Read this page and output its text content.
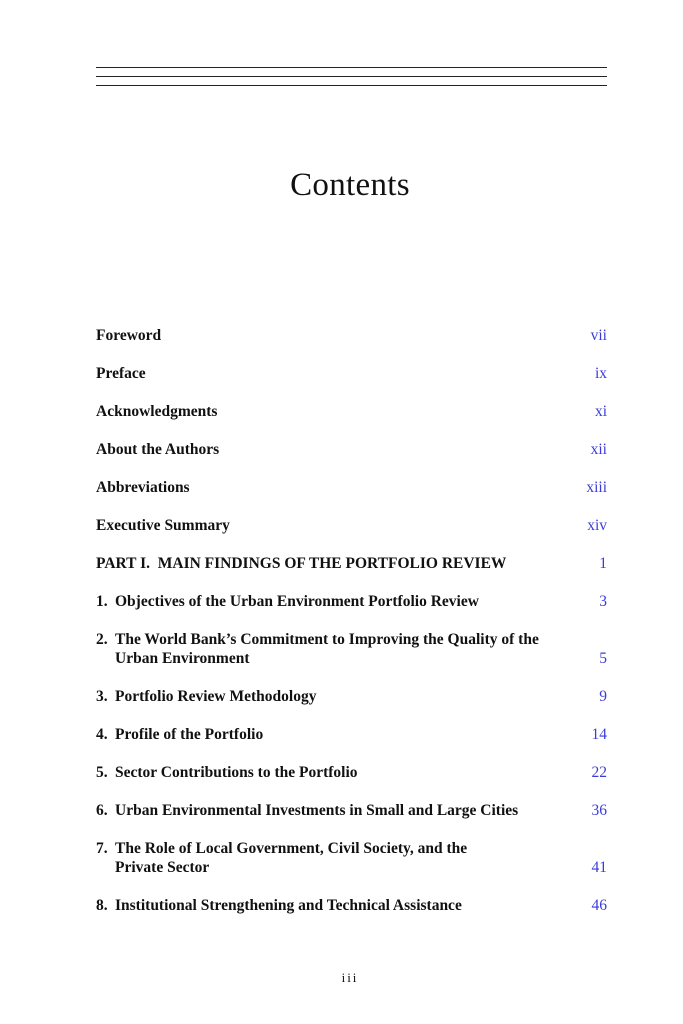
Contents
Foreword	vii
Preface	ix
Acknowledgments	xi
About the Authors	xii
Abbreviations	xiii
Executive Summary	xiv
PART I.  MAIN FINDINGS OF THE PORTFOLIO REVIEW	1
1. Objectives of the Urban Environment Portfolio Review	3
2. The World Bank’s Commitment to Improving the Quality of the Urban Environment	5
3. Portfolio Review Methodology	9
4. Profile of the Portfolio	14
5. Sector Contributions to the Portfolio	22
6. Urban Environmental Investments in Small and Large Cities	36
7. The Role of Local Government, Civil Society, and the Private Sector	41
8. Institutional Strengthening and Technical Assistance	46
iii
